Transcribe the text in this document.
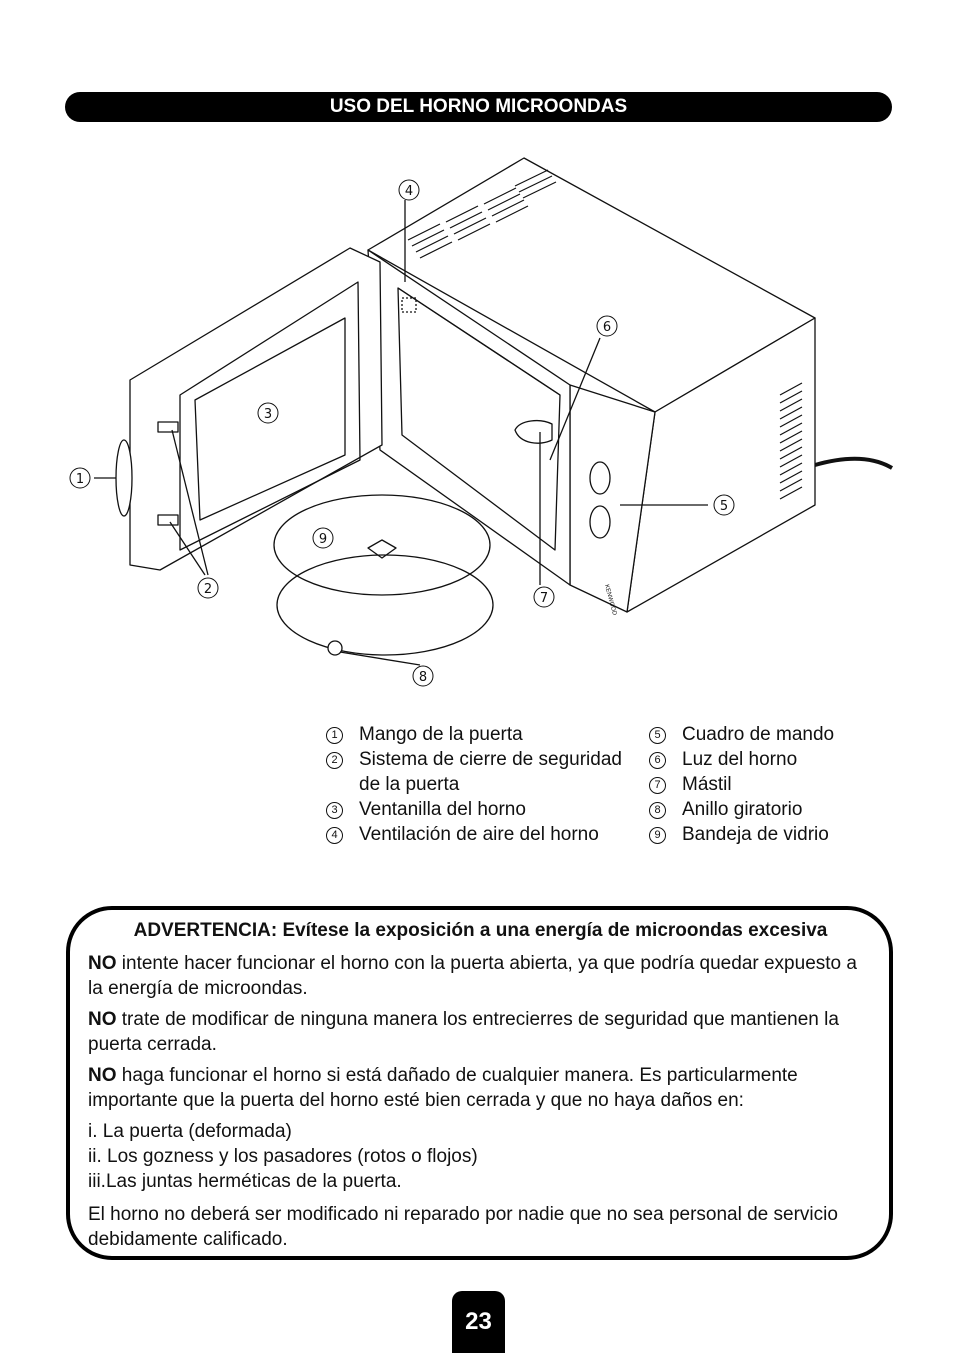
USO DEL HORNO MICROONDAS
1
2
3
4
5
6
7
8
9
KENWOOD
1 Mango de la puerta
2 Sistema de cierre de seguridad de la puerta
3 Ventanilla del horno
4 Ventilación de aire del horno
5 Cuadro de mando
6 Luz del horno
7 Mástil
8 Anillo giratorio
9 Bandeja de vidrio
ADVERTENCIA: Evítese la exposición a una energía de microondas excesiva

NO intente hacer funcionar el horno con la puerta abierta, ya que podría quedar expuesto a la energía de microondas.

NO trate de modificar de ninguna manera los entrecierres de seguridad que mantienen la puerta cerrada.

NO haga funcionar el horno si está dañado de cualquier manera. Es particularmente importante que la puerta del horno esté bien cerrada y que no haya daños en:

i. La puerta (deformada)
ii. Los gozness y los pasadores (rotos o flojos)
iii.Las juntas herméticas de la puerta.

El horno no deberá ser modificado ni reparado por nadie que no sea personal de servicio debidamente calificado.

23
